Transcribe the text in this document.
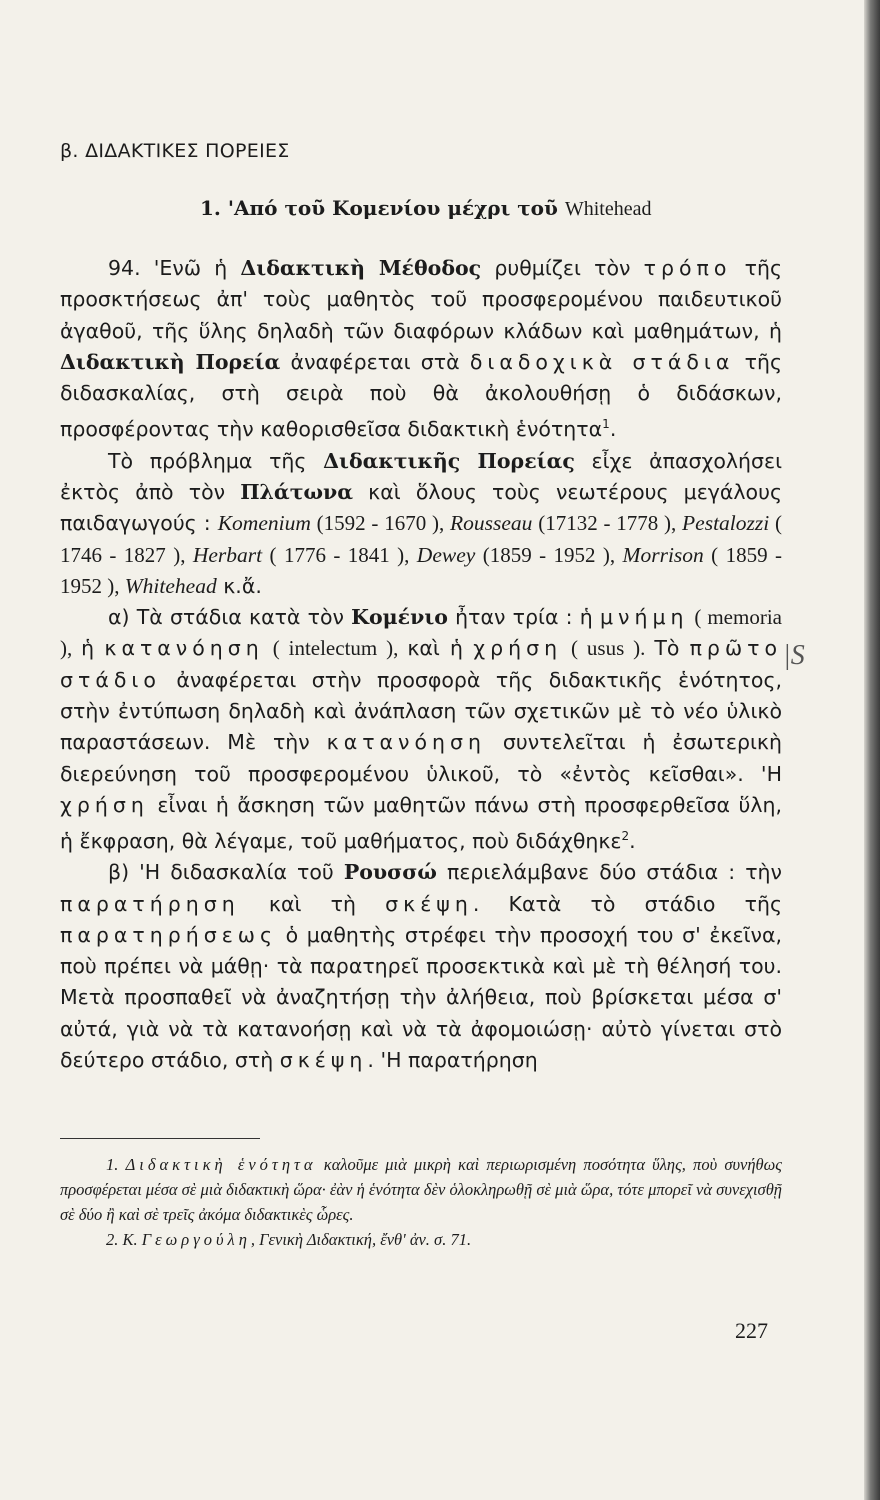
β. ΔΙΔΑΚΤΙΚΕΣ ΠΟΡΕΙΕΣ
1. 'Από τοῦ Κομενίου μέχρι τοῦ Whitehead

94. 'Ενῶ ἡ Διδακτικὴ Μέθοδος ρυθμίζει τὸν τρόπο τῆς προσκτήσεως ἀπ' τοὺς μαθητὸς τοῦ προσφερομένου παιδευτικοῦ ἀγαθοῦ, τῆς ὕλης δηλαδὴ τῶν διαφόρων κλάδων καὶ μαθημάτων, ἡ Διδακτικὴ Πορεία ἀναφέρεται στὰ διαδοχικὰ στάδια τῆς διδασκαλίας, στὴ σειρὰ ποὺ θὰ ἀκολουθήσῃ ὁ διδάσκων, προσφέροντας τὴν καθορισθεῖσα διδακτικὴ ἑνότητα$^1$.

Τὸ πρόβλημα τῆς Διδακτικῆς Πορείας εἶχε ἀπασχολήσει ἐκτὸς ἀπὸ τὸν Πλάτωνα καὶ ὅλους τοὺς νεωτέρους μεγάλους παιδαγωγούς : Komenium (1592 - 1670 ), Rousseau (17132 - 1778 ), Pestalozzi ( 1746 - 1827 ), Herbart ( 1776 - 1841 ), Dewey (1859 - 1952 ), Morrison ( 1859 - 1952 ), Whitehead κ.ἄ.

α) Τὰ στάδια κατὰ τὸν Κομένιο ἦταν τρία : ἡ μνήμη ( memoria ), ἡ κατανόηση ( intelectum ), καὶ ἡ χρήση ( usus ). Τὸ πρῶτο στάδιο ἀναφέρεται στὴν προσφορὰ τῆς διδακτικῆς ἑνότητος, στὴν ἐντύπωση δηλαδὴ καὶ ἀνάπλαση τῶν σχετικῶν μὲ τὸ νέο ὑλικὸ παραστάσεων. Μὲ τὴν κατανόηση συντελεῖται ἡ ἐσωτερικὴ διερεύνηση τοῦ προσφερομένου ὑλικοῦ, τὸ «ἐντὸς κεῖσθαι». 'Η χρήση εἶναι ἡ ἄσκηση τῶν μαθητῶν πάνω στὴ προσφερθεῖσα ὕλη, ἡ ἔκφραση, θὰ λέγαμε, τοῦ μαθήματος, ποὺ διδάχθηκε$^2$.

β) 'Η διδασκαλία τοῦ Ρουσσώ περιελάμβανε δύο στάδια : τὴν παρατήρηση καὶ τὴ σκέψη. Κατὰ τὸ στάδιο τῆς παρατηρήσεως ὁ μαθητὴς στρέφει τὴν προσοχή του σ' ἐκεῖνα, ποὺ πρέπει νὰ μάθῃ· τὰ παρατηρεῖ προσεκτικὰ καὶ μὲ τὴ θέλησή του. Μετὰ προσπαθεῖ νὰ ἀναζητήσῃ τὴν ἀλήθεια, ποὺ βρίσκεται μέσα σ' αὐτά, γιὰ νὰ τὰ κατανοήσῃ καὶ νὰ τὰ ἀφομοιώσῃ· αὐτὸ γίνεται στὸ δεύτερο στάδιο, στὴ σκέψη. 'Η παρατήρηση

1. Διδακτικὴ ἑνότητα καλοῦμε μιὰ μικρὴ καὶ περιωρισμένη ποσότητα ὕλης, ποὺ συνήθως προσφέρεται μέσα σὲ μιὰ διδακτικὴ ὥρα· ἐὰν ἡ ἑνότητα δὲν ὁλοκληρωθῇ σὲ μιὰ ὥρα, τότε μπορεῖ νὰ συνεχισθῇ σὲ δύο ἢ καὶ σὲ τρεῖς ἀκόμα διδακτικὲς ὧρες.

2. Κ. Γεωργούλη, Γενικὴ Διδακτική, ἔνθ' ἀν. σ. 71.

227
|S
